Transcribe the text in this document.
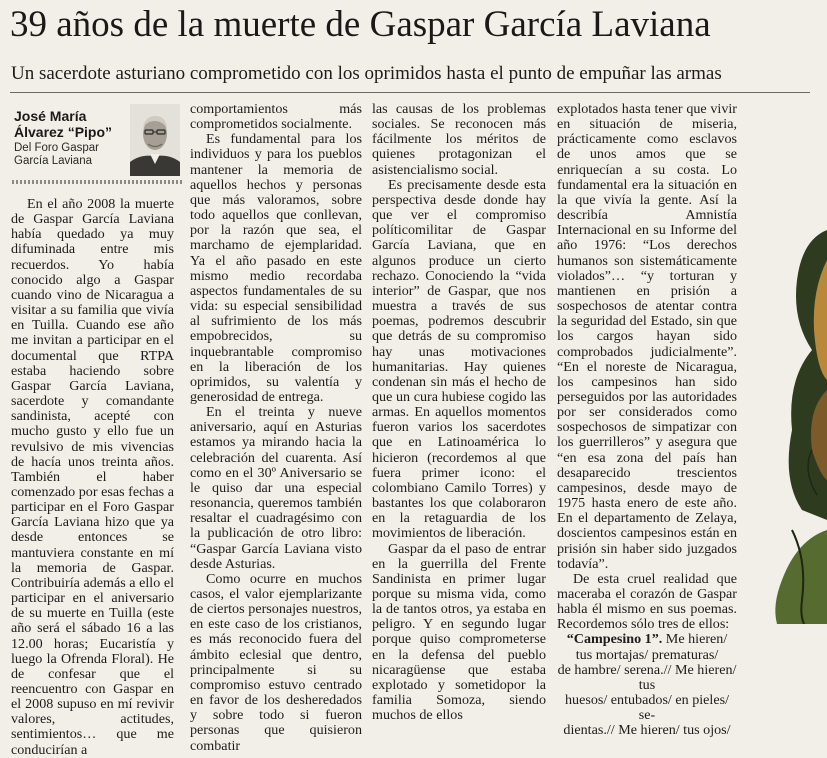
39 años de la muerte de Gaspar García Laviana
Un sacerdote asturiano comprometido con los oprimidos hasta el punto de empuñar las armas
José María
Álvarez “Pipo”
Del Foro Gaspar García Laviana

En el año 2008 la muerte de Gaspar García Laviana había quedado ya muy difuminada entre mis recuerdos. Yo había conocido algo a Gaspar cuando vino de Nicaragua a visitar a su familia que vivía en Tuilla. Cuando ese año me invitan a participar en el documental que RTPA estaba haciendo sobre Gaspar García Laviana, sacerdote y comandante sandinista, acepté con mucho gusto y ello fue un revulsivo de mis vivencias de hacía unos treinta años. También el haber comenzado por esas fechas a participar en el Foro Gaspar García Laviana hizo que ya desde entonces se mantuviera constante en mí la memoria de Gaspar. Contribuiría además a ello el participar en el aniversario de su muerte en Tuilla (este año será el sábado 16 a las 12.00 horas; Eucaristía y luego la Ofrenda Floral). He de confesar que el reencuentro con Gaspar en el 2008 supuso en mí revivir valores, actitudes, sentimientos… que me conducirían a

comportamientos más comprometidos socialmente.

Es fundamental para los individuos y para los pueblos mantener la memoria de aquellos hechos y personas que más valoramos, sobre todo aquellos que conllevan, por la razón que sea, el marchamo de ejemplaridad. Ya el año pasado en este mismo medio recordaba aspectos fundamentales de su vida: su especial sensibilidad al sufrimiento de los más empobrecidos, su inquebrantable compromiso en la liberación de los oprimidos, su valentía y generosidad de entrega.

En el treinta y nueve aniversario, aquí en Asturias estamos ya mirando hacia la celebración del cuarenta. Así como en el 30º Aniversario se le quiso dar una especial resonancia, queremos también resaltar el cuadragésimo con la publicación de otro libro: “Gaspar García Laviana visto desde Asturias.

Como ocurre en muchos casos, el valor ejemplarizante de ciertos personajes nuestros, en este caso de los cristianos, es más reconocido fuera del ámbito eclesial que dentro, principalmente si su compromiso estuvo centrado en favor de los desheredados y sobre todo si fueron personas que quisieron combatir

las causas de los problemas sociales. Se reconocen más fácilmente los méritos de quienes protagonizan el asistencialismo social.

Es precisamente desde esta perspectiva desde donde hay que ver el compromiso políticomilitar de Gaspar García Laviana, que en algunos produce un cierto rechazo. Conociendo la “vida interior” de Gaspar, que nos muestra a través de sus poemas, podremos descubrir que detrás de su compromiso hay unas motivaciones humanitarias. Hay quienes condenan sin más el hecho de que un cura hubiese cogido las armas. En aquellos momentos fueron varios los sacerdotes que en Latinoamérica lo hicieron (recordemos al que fuera primer icono: el colombiano Camilo Torres) y bastantes los que colaboraron en la retaguardia de los movimientos de liberación.

Gaspar da el paso de entrar en la guerrilla del Frente Sandinista en primer lugar porque su misma vida, como la de tantos otros, ya estaba en peligro. Y en segundo lugar porque quiso comprometerse en la defensa del pueblo nicaragüense que estaba explotado y sometidopor la familia Somoza, siendo muchos de ellos

explotados hasta tener que vivir en situación de miseria, prácticamente como esclavos de unos amos que se enriquecían a su costa. Lo fundamental era la situación en la que vivía la gente. Así la describía Amnistía Internacional en su Informe del año 1976: “Los derechos humanos son sistemáticamente violados”… “y torturan y mantienen en prisión a sospechosos de atentar contra la seguridad del Estado, sin que los cargos hayan sido comprobados judicialmente”. “En el noreste de Nicaragua, los campesinos han sido perseguidos por las autoridades por ser considerados como sospechosos de simpatizar con los guerrilleros” y asegura que “en esa zona del país han desaparecido trescientos campesinos, desde mayo de 1975 hasta enero de este año. En el departamento de Zelaya, doscientos campesinos están en prisión sin haber sido juzgados todavía”.

De esta cruel realidad que maceraba el corazón de Gaspar habla él mismo en sus poemas. Recordemos sólo tres de ellos:

“Campesino 1”. Me hieren/
tus mortajas/ prematuras/
de hambre/ serena.// Me hieren/ tus
huesos/ entubados/ en pieles/ se-
dientas.// Me hieren/ tus ojos/
